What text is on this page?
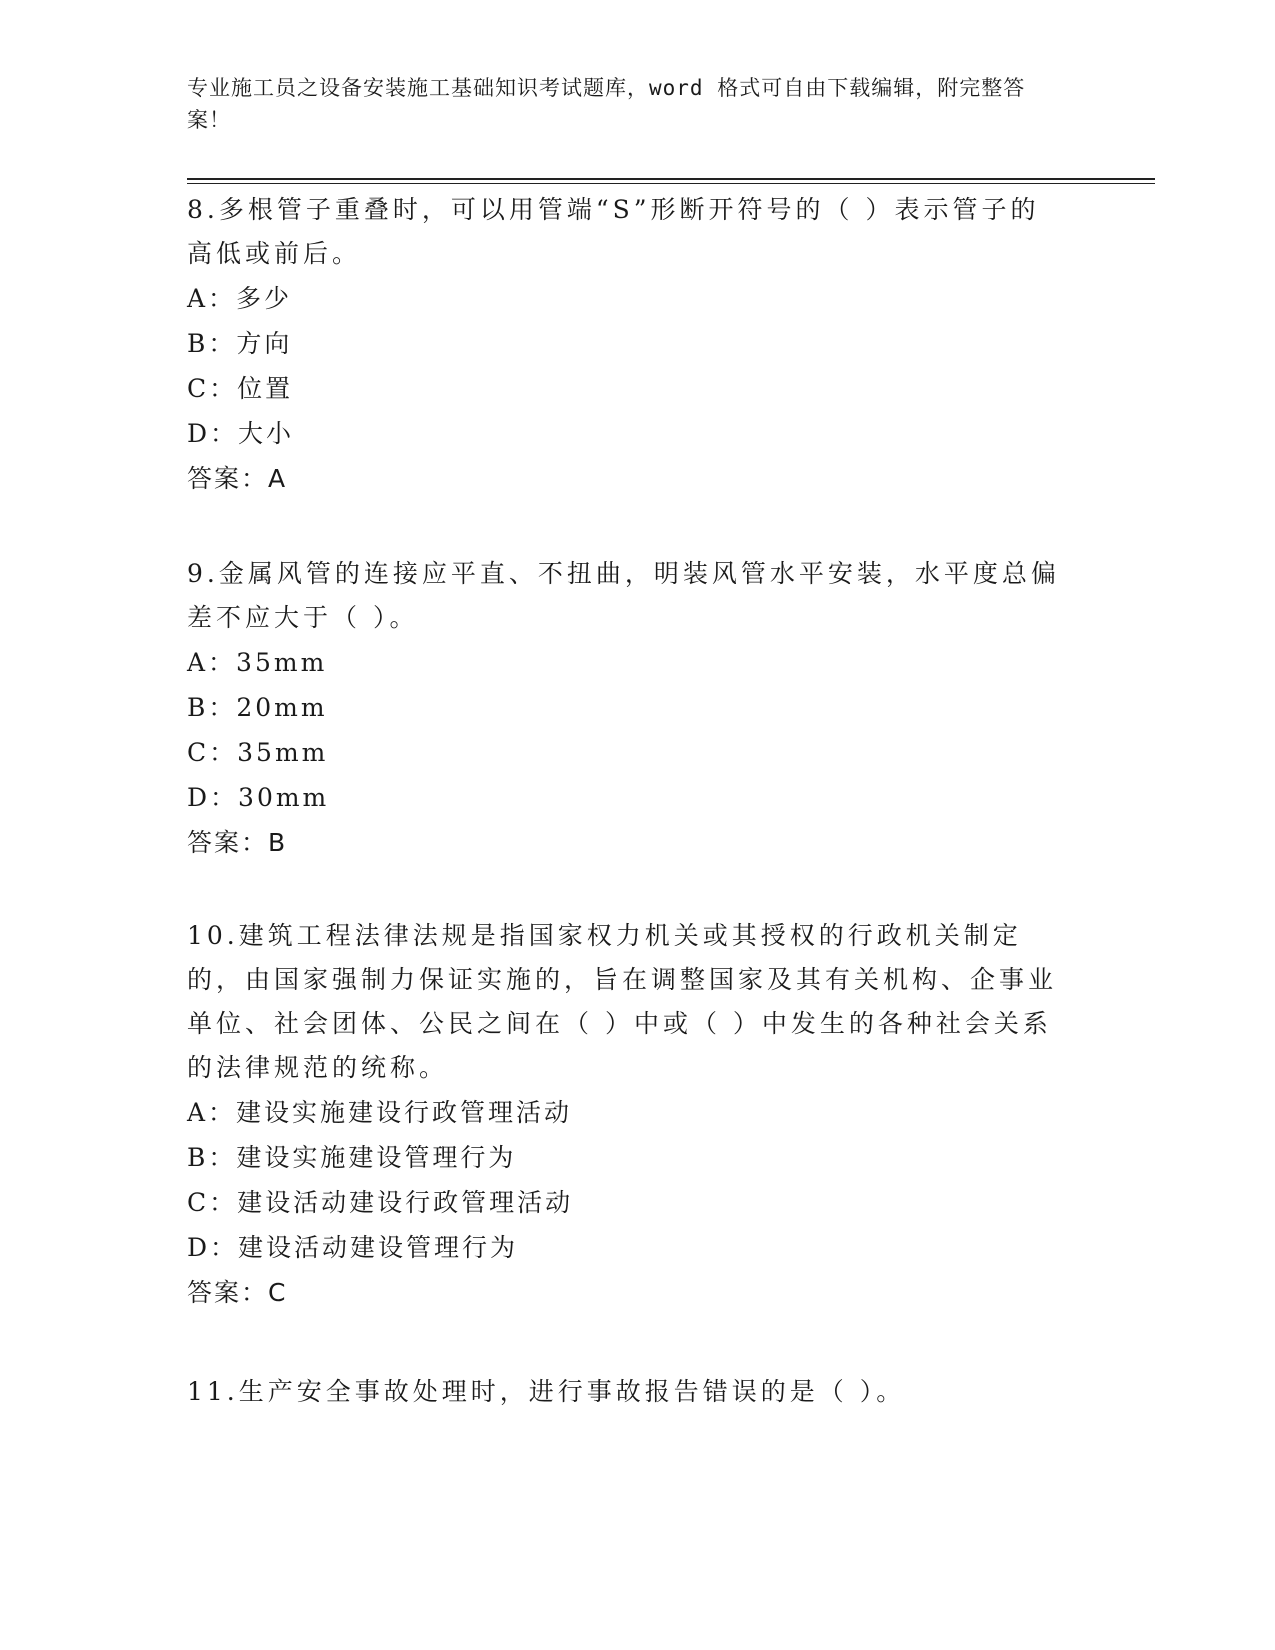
专业施工员之设备安装施工基础知识考试题库，word 格式可自由下载编辑，附完整答案！

8.多根管子重叠时，可以用管端“S”形断开符号的（ ）表示管子的高低或前后。

A：多少

B：方向

C：位置

D：大小

答案：A

9.金属风管的连接应平直、不扭曲，明装风管水平安装，水平度总偏差不应大于（ ）。

A：35mm

B：20mm

C：35mm

D：30mm

答案：B

10.建筑工程法律法规是指国家权力机关或其授权的行政机关制定的，由国家强制力保证实施的，旨在调整国家及其有关机构、企事业单位、社会团体、公民之间在（ ）中或（ ）中发生的各种社会关系的法律规范的统称。

A：建设实施建设行政管理活动

B：建设实施建设管理行为

C：建设活动建设行政管理活动

D：建设活动建设管理行为

答案：C

11.生产安全事故处理时，进行事故报告错误的是（ ）。
